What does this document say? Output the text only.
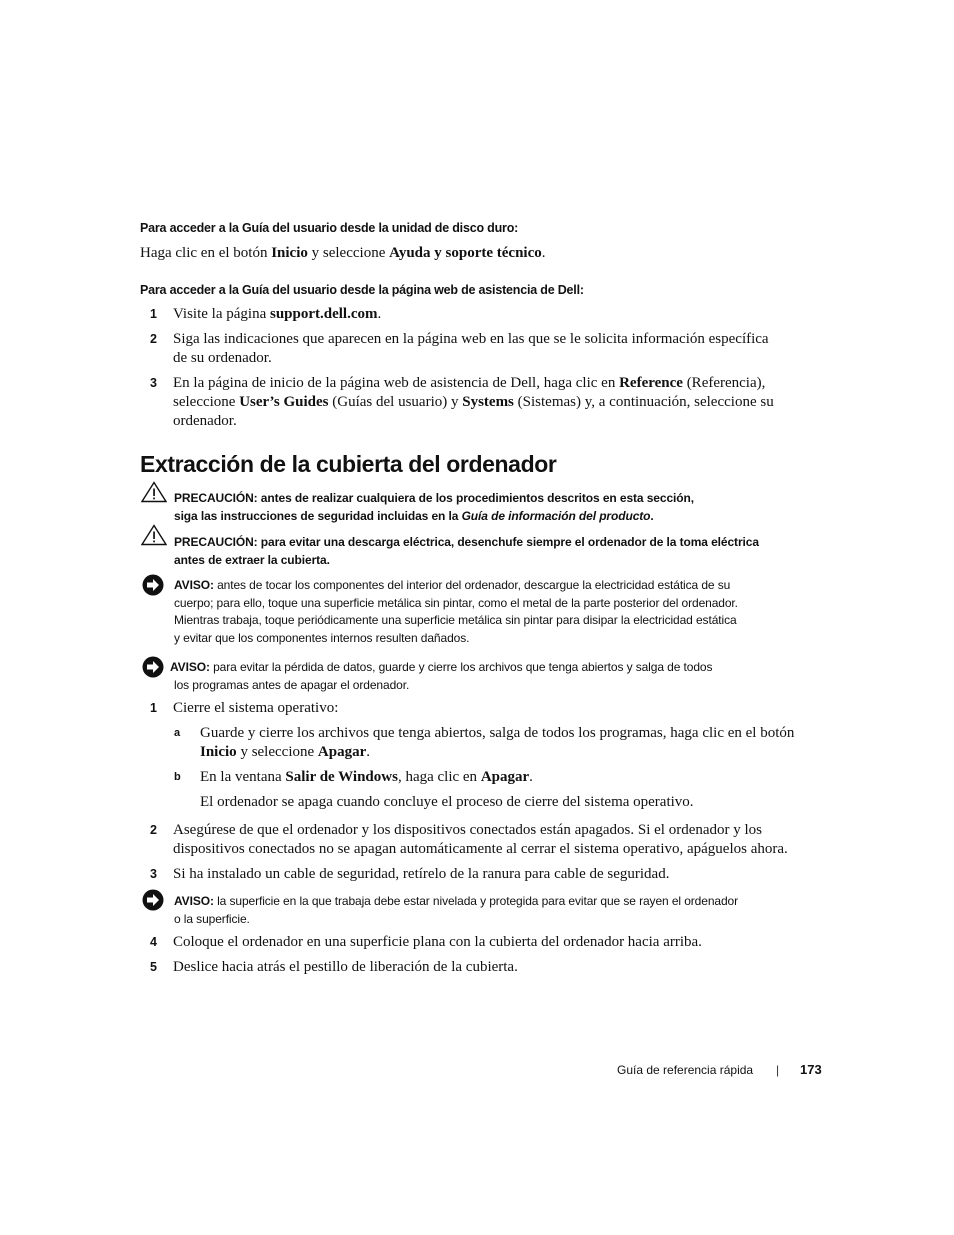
Para acceder a la Guía del usuario desde la unidad de disco duro:
Haga clic en el botón Inicio y seleccione Ayuda y soporte técnico.
Para acceder a la Guía del usuario desde la página web de asistencia de Dell:
1 Visite la página support.dell.com.
2 Siga las indicaciones que aparecen en la página web en las que se le solicita información específica
de su ordenador.
3 En la página de inicio de la página web de asistencia de Dell, haga clic en Reference (Referencia),
seleccione User’s Guides (Guías del usuario) y Systems (Sistemas) y, a continuación, seleccione su
ordenador.
Extracción de la cubierta del ordenador
PRECAUCIÓN: antes de realizar cualquiera de los procedimientos descritos en esta sección,
siga las instrucciones de seguridad incluidas en la Guía de información del producto.
PRECAUCIÓN: para evitar una descarga eléctrica, desenchufe siempre el ordenador de la toma eléctrica
antes de extraer la cubierta.
AVISO: antes de tocar los componentes del interior del ordenador, descargue la electricidad estática de su
cuerpo; para ello, toque una superficie metálica sin pintar, como el metal de la parte posterior del ordenador.
Mientras trabaja, toque periódicamente una superficie metálica sin pintar para disipar la electricidad estática
y evitar que los componentes internos resulten dañados.
AVISO: para evitar la pérdida de datos, guarde y cierre los archivos que tenga abiertos y salga de todos
los programas antes de apagar el ordenador.
1 Cierre el sistema operativo:
a Guarde y cierre los archivos que tenga abiertos, salga de todos los programas, haga clic en el botón
Inicio y seleccione Apagar.
b En la ventana Salir de Windows, haga clic en Apagar.
El ordenador se apaga cuando concluye el proceso de cierre del sistema operativo.
2 Asegúrese de que el ordenador y los dispositivos conectados están apagados. Si el ordenador y los
dispositivos conectados no se apagan automáticamente al cerrar el sistema operativo, apáguelos ahora.
3 Si ha instalado un cable de seguridad, retírelo de la ranura para cable de seguridad.
AVISO: la superficie en la que trabaja debe estar nivelada y protegida para evitar que se rayen el ordenador
o la superficie.
4 Coloque el ordenador en una superficie plana con la cubierta del ordenador hacia arriba.
5 Deslice hacia atrás el pestillo de liberación de la cubierta.
Guía de referencia rápida | 173
